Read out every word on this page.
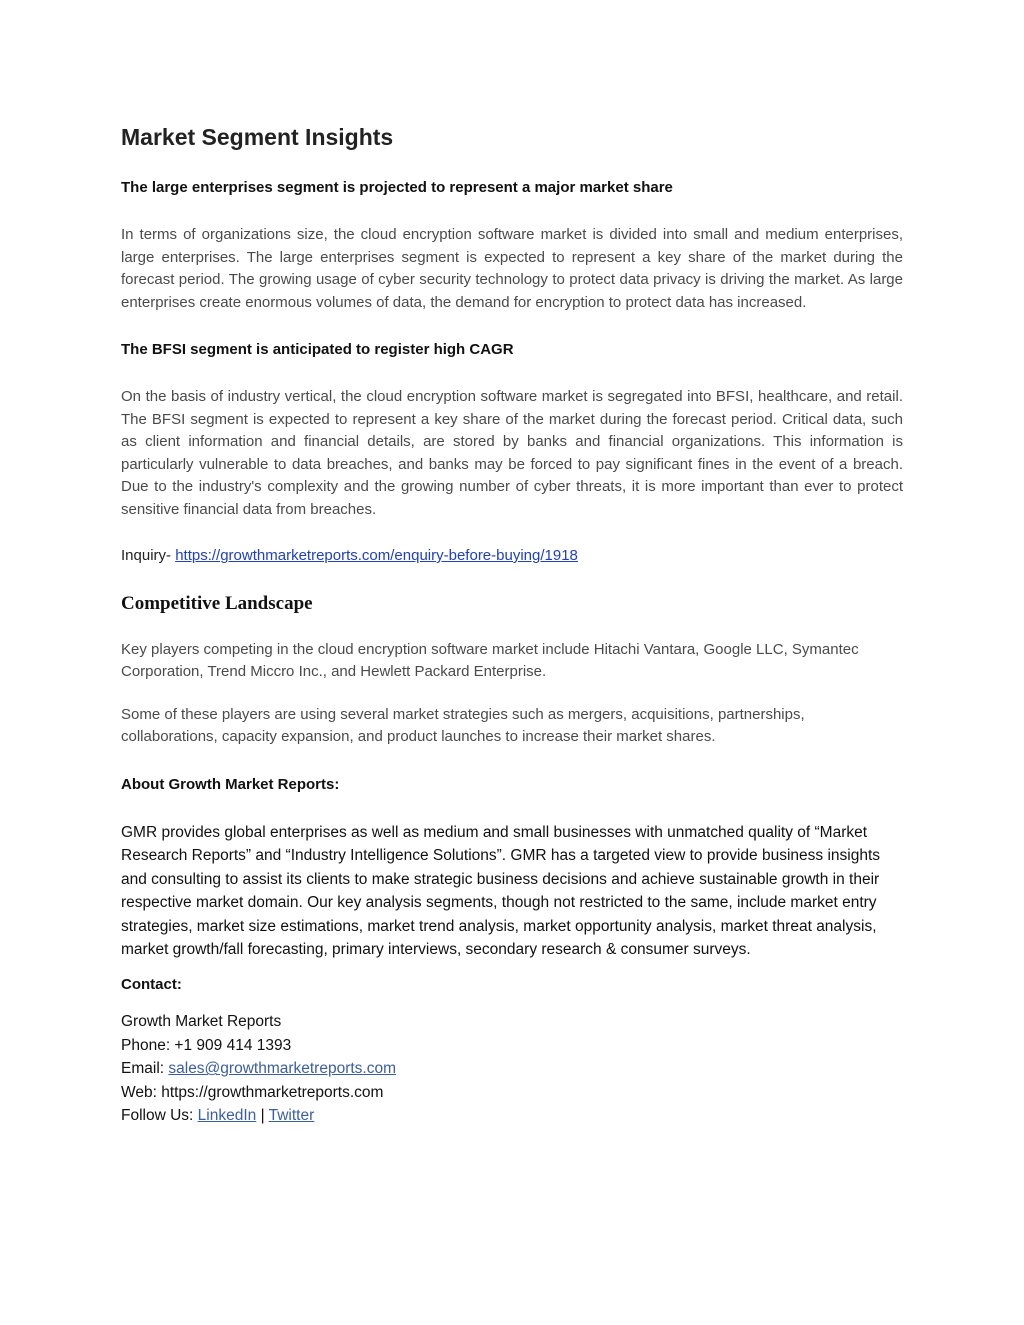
Market Segment Insights
The large enterprises segment is projected to represent a major market share

In terms of organizations size, the cloud encryption software market is divided into small and medium enterprises, large enterprises. The large enterprises segment is expected to represent a key share of the market during the forecast period. The growing usage of cyber security technology to protect data privacy is driving the market. As large enterprises create enormous volumes of data, the demand for encryption to protect data has increased.

The BFSI segment is anticipated to register high CAGR

On the basis of industry vertical, the cloud encryption software market is segregated into BFSI, healthcare, and retail. The BFSI segment is expected to represent a key share of the market during the forecast period. Critical data, such as client information and financial details, are stored by banks and financial organizations. This information is particularly vulnerable to data breaches, and banks may be forced to pay significant fines in the event of a breach. Due to the industry's complexity and the growing number of cyber threats, it is more important than ever to protect sensitive financial data from breaches.

Inquiry- https://growthmarketreports.com/enquiry-before-buying/1918

Competitive Landscape

Key players competing in the cloud encryption software market include Hitachi Vantara, Google LLC, Symantec Corporation, Trend Miccro Inc., and Hewlett Packard Enterprise.

Some of these players are using several market strategies such as mergers, acquisitions, partnerships, collaborations, capacity expansion, and product launches to increase their market shares.

About Growth Market Reports:

GMR provides global enterprises as well as medium and small businesses with unmatched quality of “Market Research Reports” and “Industry Intelligence Solutions”. GMR has a targeted view to provide business insights and consulting to assist its clients to make strategic business decisions and achieve sustainable growth in their respective market domain. Our key analysis segments, though not restricted to the same, include market entry strategies, market size estimations, market trend analysis, market opportunity analysis, market threat analysis, market growth/fall forecasting, primary interviews, secondary research & consumer surveys.

Contact:
Growth Market Reports
Phone: +1 909 414 1393
Email: sales@growthmarketreports.com
Web: https://growthmarketreports.com
Follow Us: LinkedIn | Twitter
